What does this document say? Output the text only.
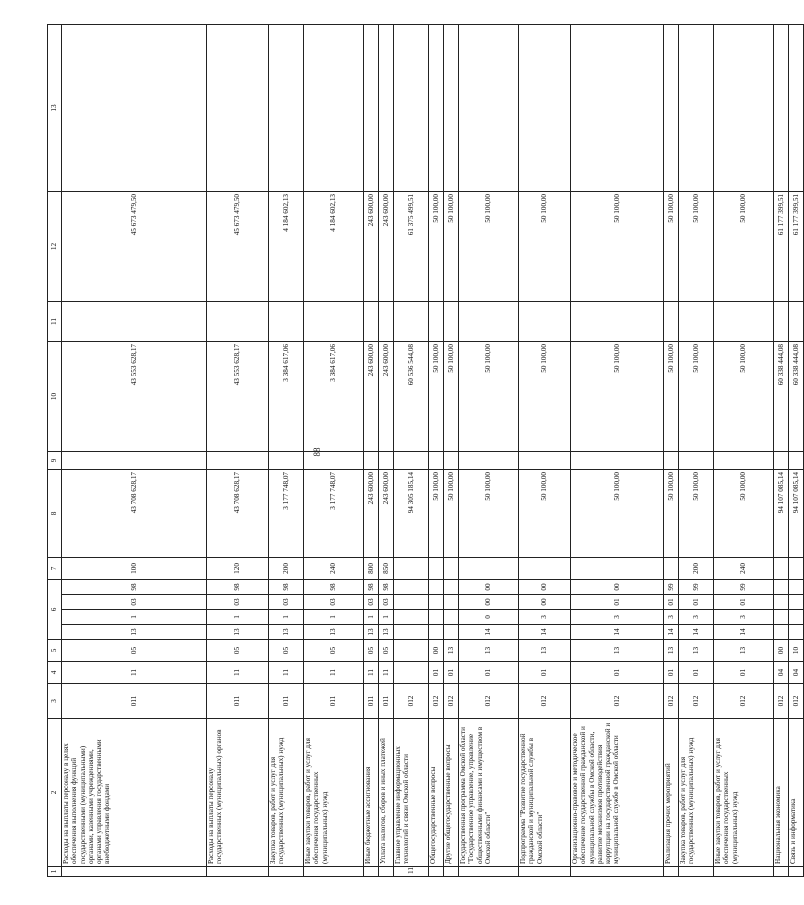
88
1	2	3	4	5	6				7	8	9	10	11	12	13
	Расходы на выплаты персоналу в целях обеспечения выполнения функций государственными (муниципальными) органами, казенными учреждениями, органами управления государственными внебюджетными фондами	011	11	05	13	1	03	98	100	43 708 628,17		43 553 628,17		45 673 479,50	
	Расходы на выплаты персоналу государственных (муниципальных) органов	011	11	05	13	1	03	98	120	43 708 628,17		43 553 628,17		45 673 479,50	
	Закупка товаров, работ и услуг для государственных (муниципальных) нужд	011	11	05	13	1	03	98	200	3 177 748,07		3 384 617,06		4 184 602,13	
	Иные закупки товаров, работ и услуг для обеспечения государственных (муниципальных) нужд	011	11	05	13	1	03	98	240	3 177 748,07		3 384 617,06		4 184 602,13	
	Иные бюджетные ассигнования	011	11	05	13	1	03	98	800	243 600,00		243 600,00		243 600,00	
	Уплата налогов, сборов и иных платежей	011	11	05	13	1	03	98	850	243 600,00		243 600,00		243 600,00	
11	Главное управление информационных технологий и связи Омской области	012								94 305 185,14		60 536 544,08		61 375 499,51	
	Общегосударственные вопросы	012	01	00						50 100,00		50 100,00		50 100,00	
	Другие общегосударственные вопросы	012	01	13						50 100,00		50 100,00		50 100,00	
	Государственная программа Омской области "Государственное управление, управление общественными финансами и имуществом в Омской области"	012	01	13	14	0	00	00		50 100,00		50 100,00		50 100,00	
	Подпрограмма "Развитие государственной гражданской и муниципальной службы в Омской области"	012	01	13	14	3	00	00		50 100,00		50 100,00		50 100,00	
	Организационно-правовое и методическое обеспечение государственной гражданской и муниципальной службы в Омской области, развитие механизмов противодействия коррупции на государственной гражданской и муниципальной службе в Омской области	012	01	13	14	3	01	00		50 100,00		50 100,00		50 100,00	
	Реализация прочих мероприятий	012	01	13	14	3	01	99		50 100,00		50 100,00		50 100,00	
	Закупка товаров, работ и услуг для государственных (муниципальных) нужд	012	01	13	14	3	01	99	200	50 100,00		50 100,00		50 100,00	
	Иные закупки товаров, работ и услуг для обеспечения государственных (муниципальных) нужд	012	01	13	14	3	01	99	240	50 100,00		50 100,00		50 100,00	
	Национальная экономика	012	04	00						94 107 085,14		60 338 444,08		61 177 399,51	
	Связь и информатика	012	04	10						94 107 085,14		60 338 444,08		61 177 399,51	
